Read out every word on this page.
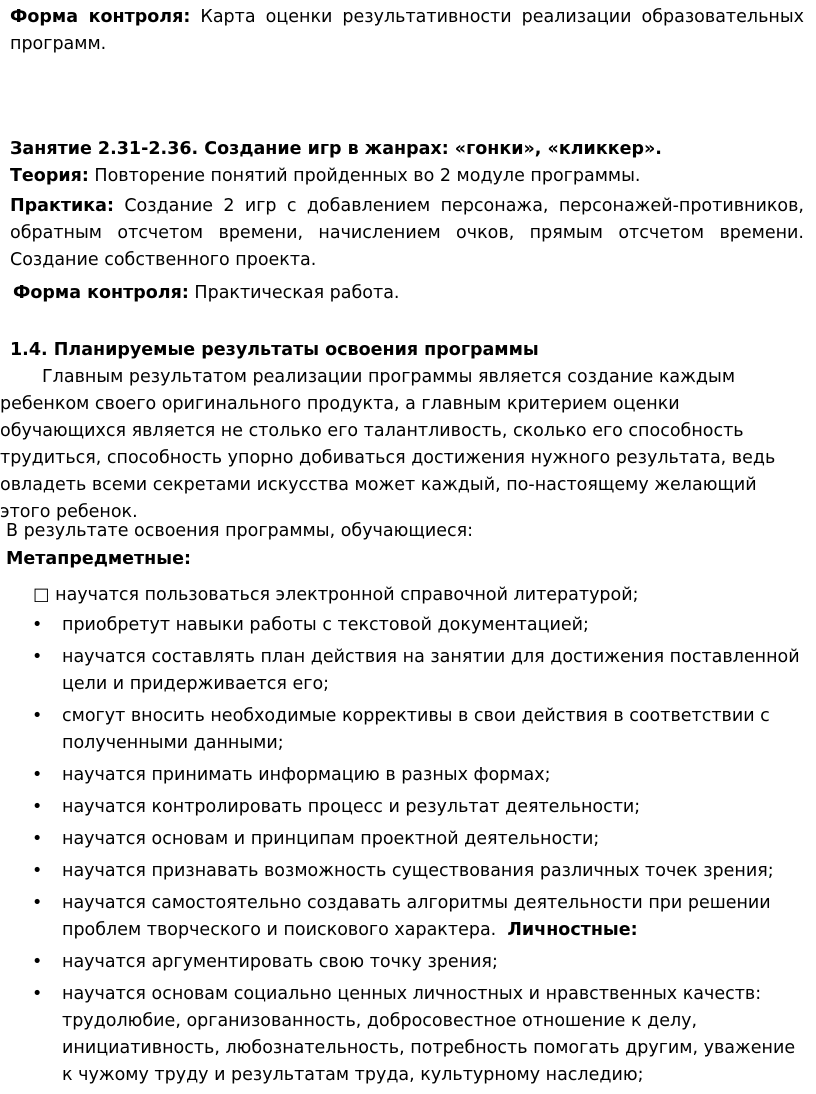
Форма контроля: Карта оценки результативности реализации образовательных

программ.

Занятие 2.31-2.36. Создание игр в жанрах: «гонки», «кликкер».

Теория: Повторение понятий пройденных во 2 модуле программы.

Практика: Создание 2 игр с добавлением персонажа, персонажей-противников,

обратным отсчетом времени, начислением очков, прямым отсчетом времени.

Создание собственного проекта.

Форма контроля: Практическая работа.

1.4. Планируемые результаты освоения программы

Главным результатом реализации программы является создание каждым

ребенком своего оригинального продукта, а главным критерием оценки

обучающихся является не столько его талантливость, сколько его способность

трудиться, способность упорно добиваться достижения нужного результата, ведь

овладеть всеми секретами искусства может каждый, по-настоящему желающий

этого ребенок.

В результате освоения программы, обучающиеся:

Метапредметные:

□ научатся пользоваться электронной справочной литературой;

• приобретут навыки работы с текстовой документацией;
• научатся составлять план действия на занятии для достижения поставленной
цели и придерживается его;
• смогут вносить необходимые коррективы в свои действия в соответствии с
полученными данными;
• научатся принимать информацию в разных формах;
• научатся контролировать процесс и результат деятельности;
• научатся основам и принципам проектной деятельности;
• научатся признавать возможность существования различных точек зрения;
• научатся самостоятельно создавать алгоритмы деятельности при решении
проблем творческого и поискового характера. Личностные:
• научатся аргументировать свою точку зрения;
• научатся основам социально ценных личностных и нравственных качеств:
трудолюбие, организованность, добросовестное отношение к делу,
инициативность, любознательность, потребность помогать другим, уважение
к чужому труду и результатам труда, культурному наследию;
